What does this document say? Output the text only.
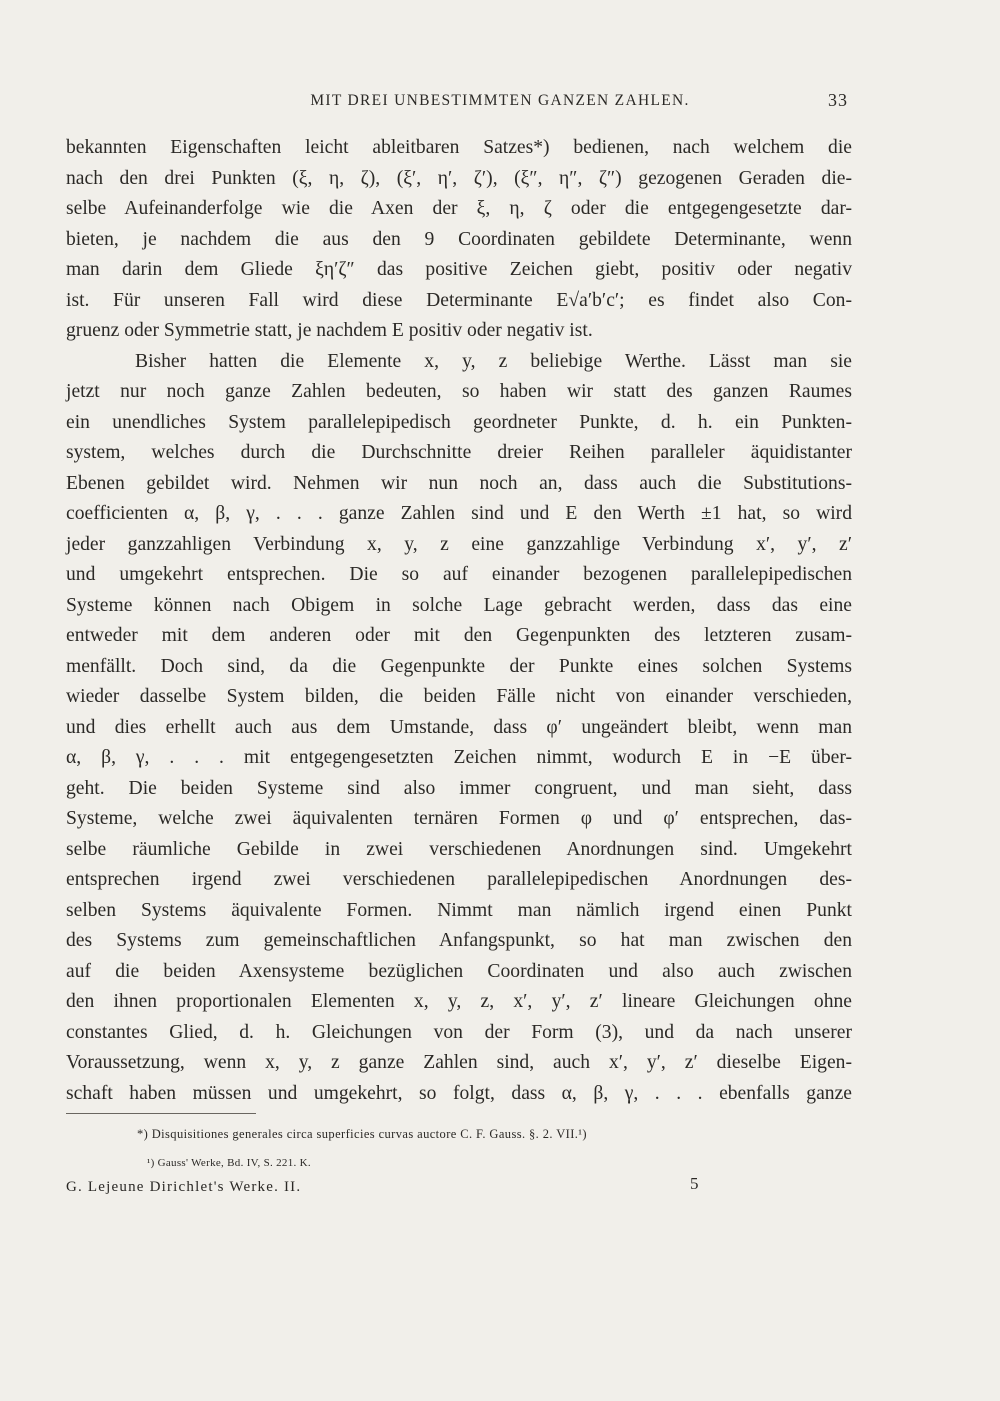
MIT DREI UNBESTIMMTEN GANZEN ZAHLEN.	33
bekannten Eigenschaften leicht ableitbaren Satzes*) bedienen, nach welchem die
nach den drei Punkten (ξ, η, ζ), (ξ′, η′, ζ′), (ξ″, η″, ζ″) gezogenen Geraden die-
selbe Aufeinanderfolge wie die Axen der ξ, η, ζ oder die entgegengesetzte dar-
bieten, je nachdem die aus den 9 Coordinaten gebildete Determinante, wenn
man darin dem Gliede ξη′ζ″ das positive Zeichen giebt, positiv oder negativ
ist. Für unseren Fall wird diese Determinante E√a′b′c′; es findet also Con-
gruenz oder Symmetrie statt, je nachdem E positiv oder negativ ist.
Bisher hatten die Elemente x, y, z beliebige Werthe. Lässt man sie
jetzt nur noch ganze Zahlen bedeuten, so haben wir statt des ganzen Raumes
ein unendliches System parallelepipedisch geordneter Punkte, d. h. ein Punkten-
system, welches durch die Durchschnitte dreier Reihen paralleler äquidistanter
Ebenen gebildet wird. Nehmen wir nun noch an, dass auch die Substitutions-
coefficienten α, β, γ, . . . ganze Zahlen sind und E den Werth ±1 hat, so wird
jeder ganzzahligen Verbindung x, y, z eine ganzzahlige Verbindung x′, y′, z′
und umgekehrt entsprechen. Die so auf einander bezogenen parallelepipedischen
Systeme können nach Obigem in solche Lage gebracht werden, dass das eine
entweder mit dem anderen oder mit den Gegenpunkten des letzteren zusam-
menfällt. Doch sind, da die Gegenpunkte der Punkte eines solchen Systems
wieder dasselbe System bilden, die beiden Fälle nicht von einander verschieden,
und dies erhellt auch aus dem Umstande, dass φ′ ungeändert bleibt, wenn man
α, β, γ, . . . mit entgegengesetzten Zeichen nimmt, wodurch E in −E über-
geht. Die beiden Systeme sind also immer congruent, und man sieht, dass
Systeme, welche zwei äquivalenten ternären Formen φ und φ′ entsprechen, das-
selbe räumliche Gebilde in zwei verschiedenen Anordnungen sind. Umgekehrt
entsprechen irgend zwei verschiedenen parallelepipedischen Anordnungen des-
selben Systems äquivalente Formen. Nimmt man nämlich irgend einen Punkt
des Systems zum gemeinschaftlichen Anfangspunkt, so hat man zwischen den
auf die beiden Axensysteme bezüglichen Coordinaten und also auch zwischen
den ihnen proportionalen Elementen x, y, z, x′, y′, z′ lineare Gleichungen ohne
constantes Glied, d. h. Gleichungen von der Form (3), und da nach unserer
Voraussetzung, wenn x, y, z ganze Zahlen sind, auch x′, y′, z′ dieselbe Eigen-
schaft haben müssen und umgekehrt, so folgt, dass α, β, γ, . . . ebenfalls ganze
*) Disquisitiones generales circa superficies curvas auctore C. F. Gauss. §. 2. VII.¹)
¹) Gauss' Werke, Bd. IV, S. 221. K.
G. Lejeune Dirichlet's Werke. II.	5
